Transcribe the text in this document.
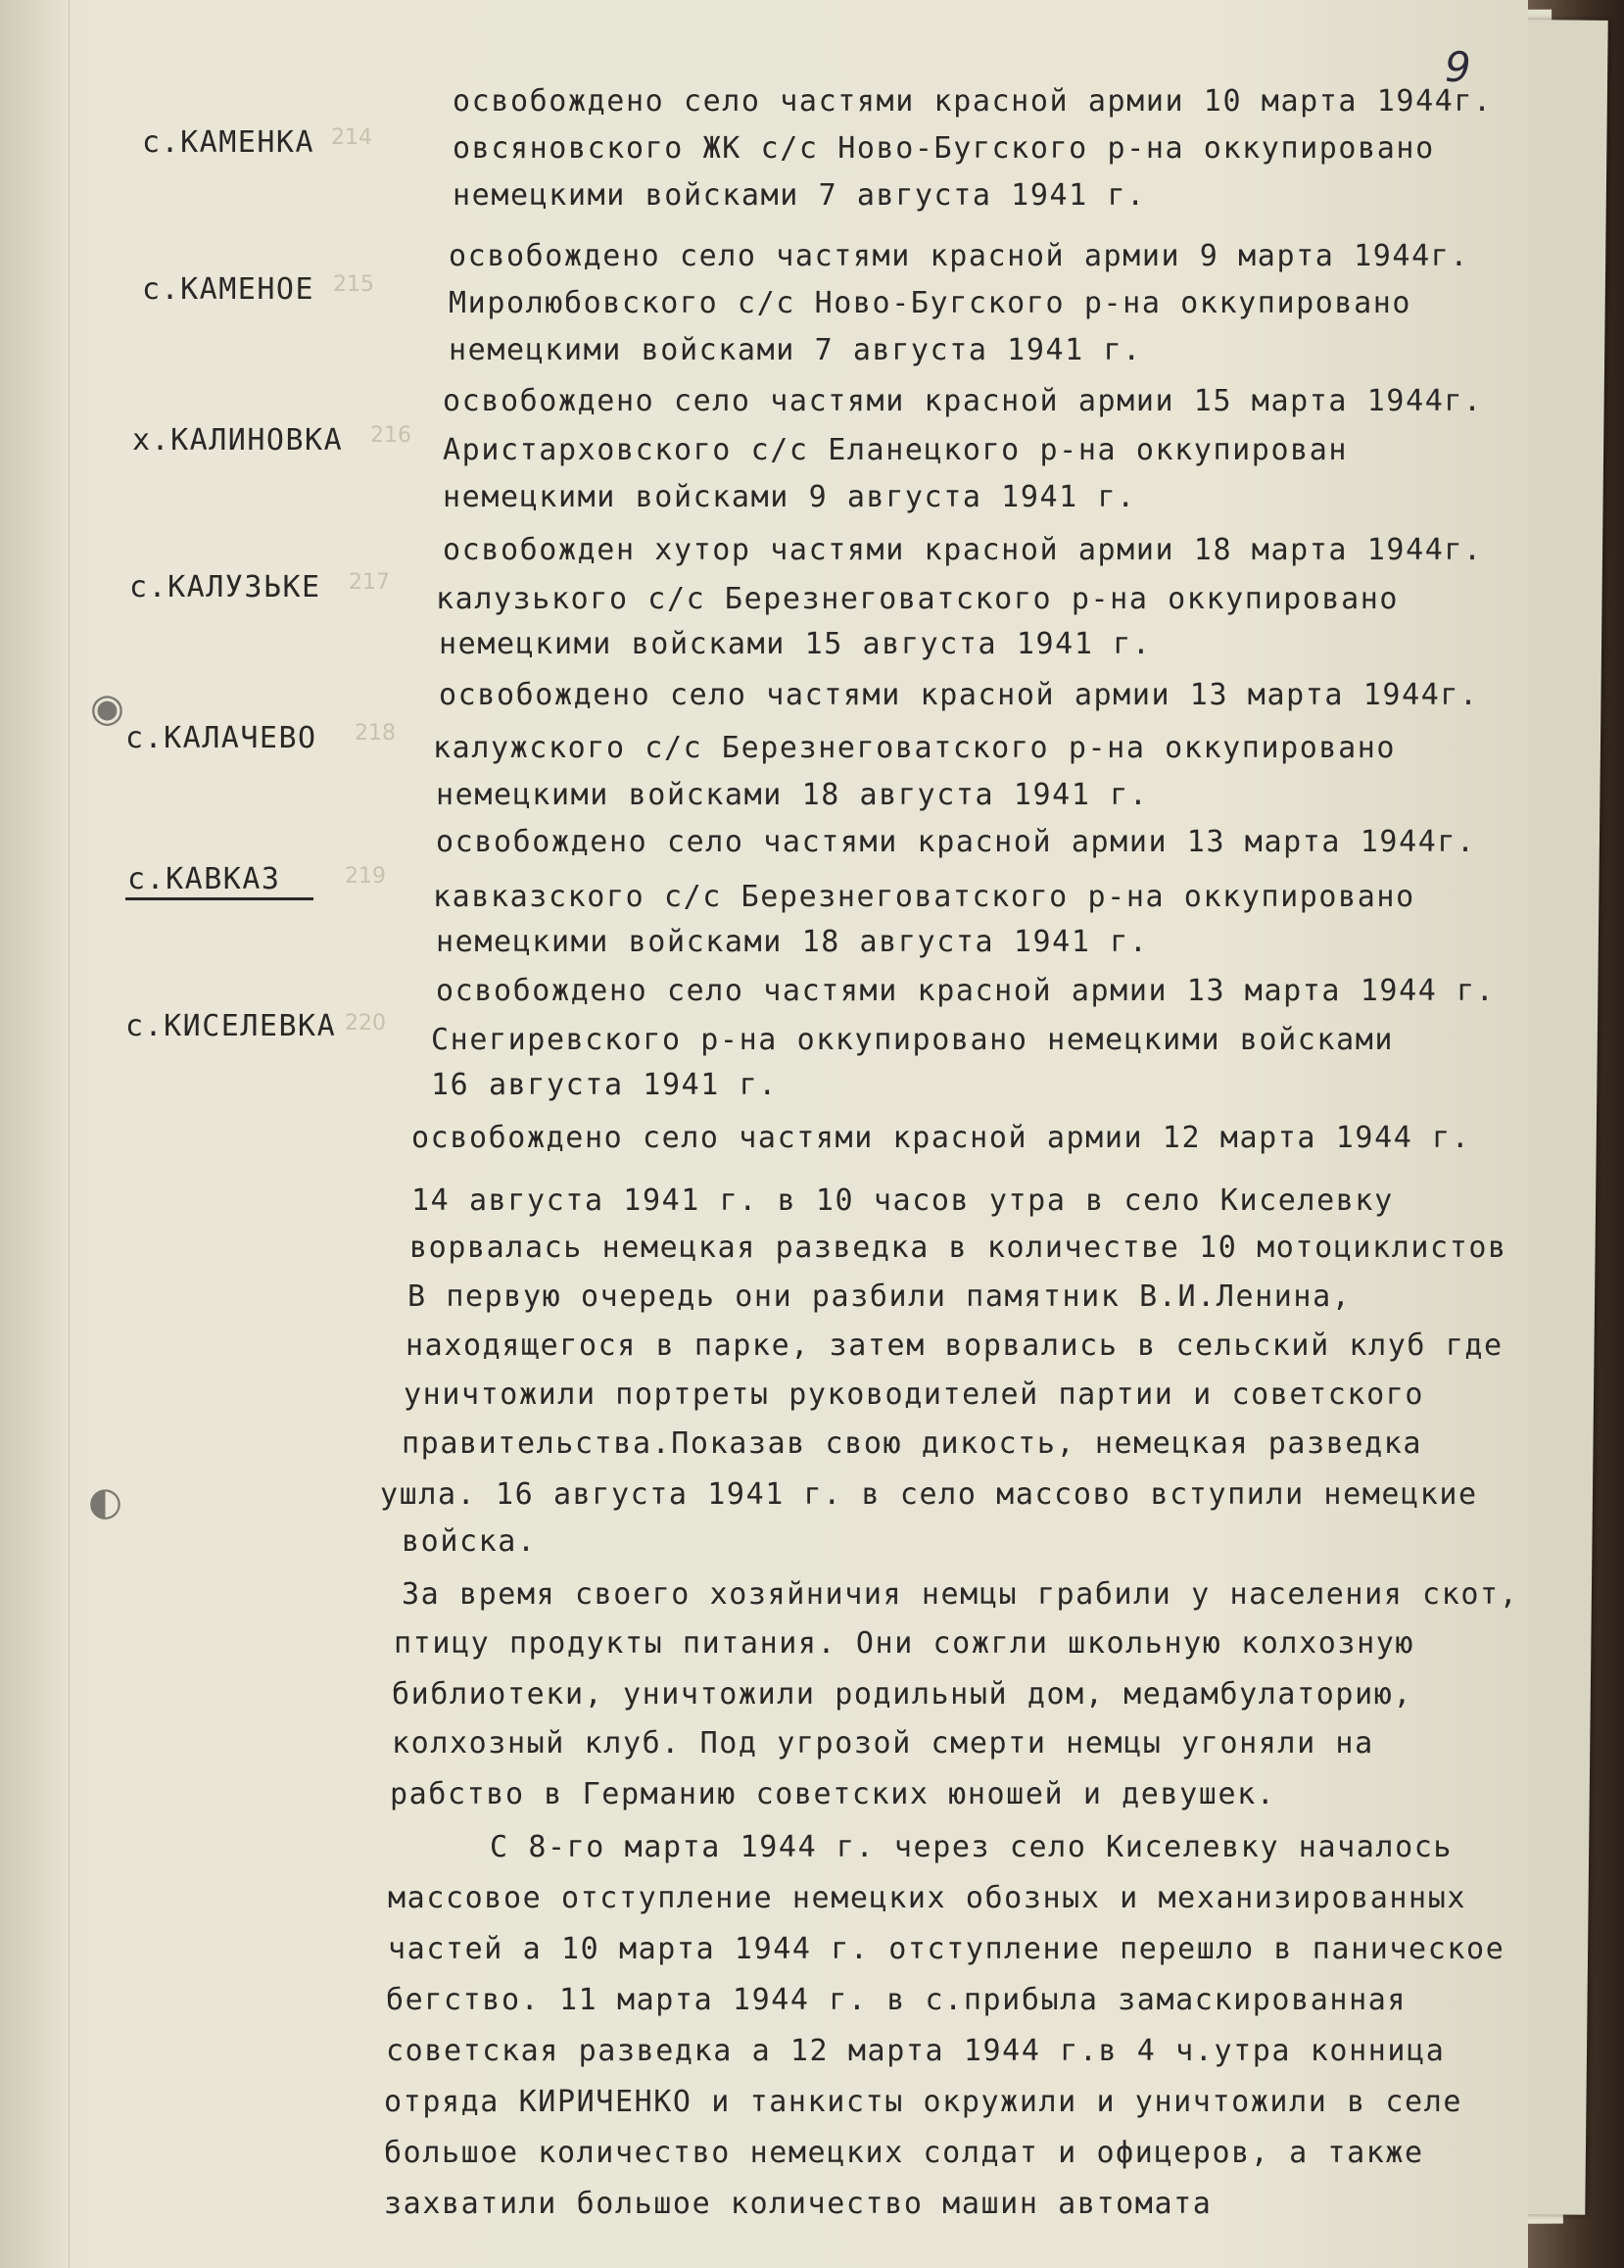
9
с.КАМЕНКА 214
освобождено село частями красной армии 10 марта 1944г.
овсяновского ЖК с/с Ново-Бугского р-на оккупировано
немецкими войсками 7 августа 1941 г.
с.КАМЕНОЕ 215
освобождено село частями красной армии 9 марта 1944г.
Миролюбовского с/с Ново-Бугского р-на оккупировано
немецкими войсками 7 августа 1941 г.
х.КАЛИНОВКА 216
освобождено село частями красной армии 15 марта 1944г.
Аристарховского с/с Еланецкого р-на оккупирован
немецкими войсками 9 августа 1941 г.
с.КАЛУЗЬКЕ 217
освобожден хутор частями красной армии 18 марта 1944г.
калузького с/с Березнеговатского р-на оккупировано
немецкими войсками 15 августа 1941 г.
◉
с.КАЛАЧЕВО 218
освобождено село частями красной армии 13 марта 1944г.
калужского с/с Березнеговатского р-на оккупировано
немецкими войсками 18 августа 1941 г.
с.КАВКАЗ	219
освобождено село частями красной армии 13 марта 1944г.
кавказского с/с Березнеговатского р-на оккупировано
немецкими войсками 18 августа 1941 г.
с.КИСЕЛЕВКА 220
освобождено село частями красной армии 13 марта 1944 г.
Снегиревского р-на оккупировано немецкими войсками
16 августа 1941 г.
освобождено село частями красной армии 12 марта 1944 г.
◐
14 августа 1941 г. в 10 часов утра в село Киселевку
ворвалась немецкая разведка в количестве 10 мотоциклистов
В первую очередь они разбили памятник В.И.Ленина,
находящегося в парке, затем ворвались в сельский клуб где
уничтожили портреты руководителей партии и советского
правительства.Показав свою дикость, немецкая разведка
ушла. 16 августа 1941 г. в село массово вступили немецкие
войска.
За время своего хозяйничия немцы грабили у населения скот,
птицу продукты питания. Они сожгли школьную колхозную
библиотеки, уничтожили родильный дом, медамбулаторию,
колхозный клуб. Под угрозой смерти немцы угоняли на
рабство в Германию советских юношей и девушек.
С 8-го марта 1944 г. через село Киселевку началось
массовое отступление немецких обозных и механизированных
частей а 10 марта 1944 г. отступление перешло в паническое
бегство. 11 марта 1944 г. в с.прибыла замаскированная
советская разведка а 12 марта 1944 г.в 4 ч.утра конница
отряда КИРИЧЕНКО и танкисты окружили и уничтожили в селе
большое количество немецких солдат и офицеров, а также
захватили большое количество машин автомата
